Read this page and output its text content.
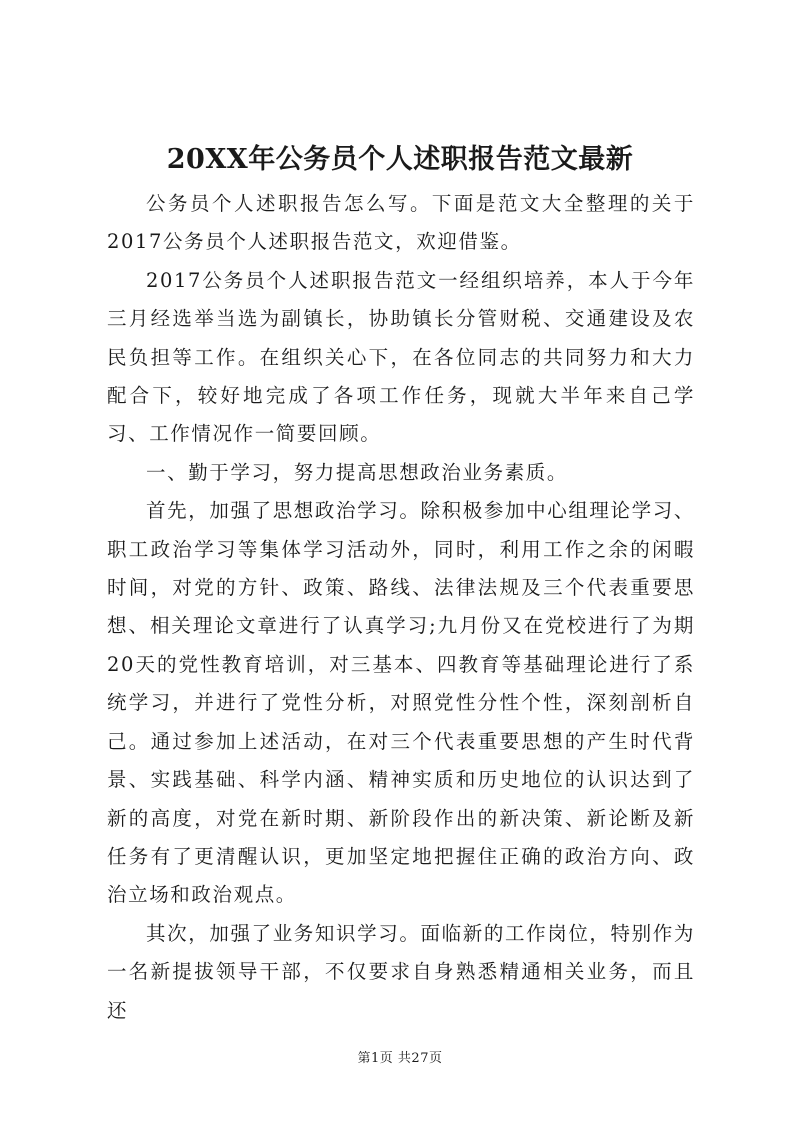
20XX年公务员个人述职报告范文最新

公务员个人述职报告怎么写。下面是范文大全整理的关于2017公务员个人述职报告范文，欢迎借鉴。

2017公务员个人述职报告范文一经组织培养，本人于今年三月经选举当选为副镇长，协助镇长分管财税、交通建设及农民负担等工作。在组织关心下，在各位同志的共同努力和大力配合下，较好地完成了各项工作任务，现就大半年来自己学习、工作情况作一简要回顾。

一、勤于学习，努力提高思想政治业务素质。

首先，加强了思想政治学习。除积极参加中心组理论学习、职工政治学习等集体学习活动外，同时，利用工作之余的闲暇时间，对党的方针、政策、路线、法律法规及三个代表重要思想、相关理论文章进行了认真学习;九月份又在党校进行了为期20天的党性教育培训，对三基本、四教育等基础理论进行了系统学习，并进行了党性分析，对照党性分性个性，深刻剖析自己。通过参加上述活动，在对三个代表重要思想的产生时代背景、实践基础、科学内涵、精神实质和历史地位的认识达到了新的高度，对党在新时期、新阶段作出的新决策、新论断及新任务有了更清醒认识，更加坚定地把握住正确的政治方向、政治立场和政治观点。

其次，加强了业务知识学习。面临新的工作岗位，特别作为一名新提拔领导干部，不仅要求自身熟悉精通相关业务，而且还

第1页 共27页
